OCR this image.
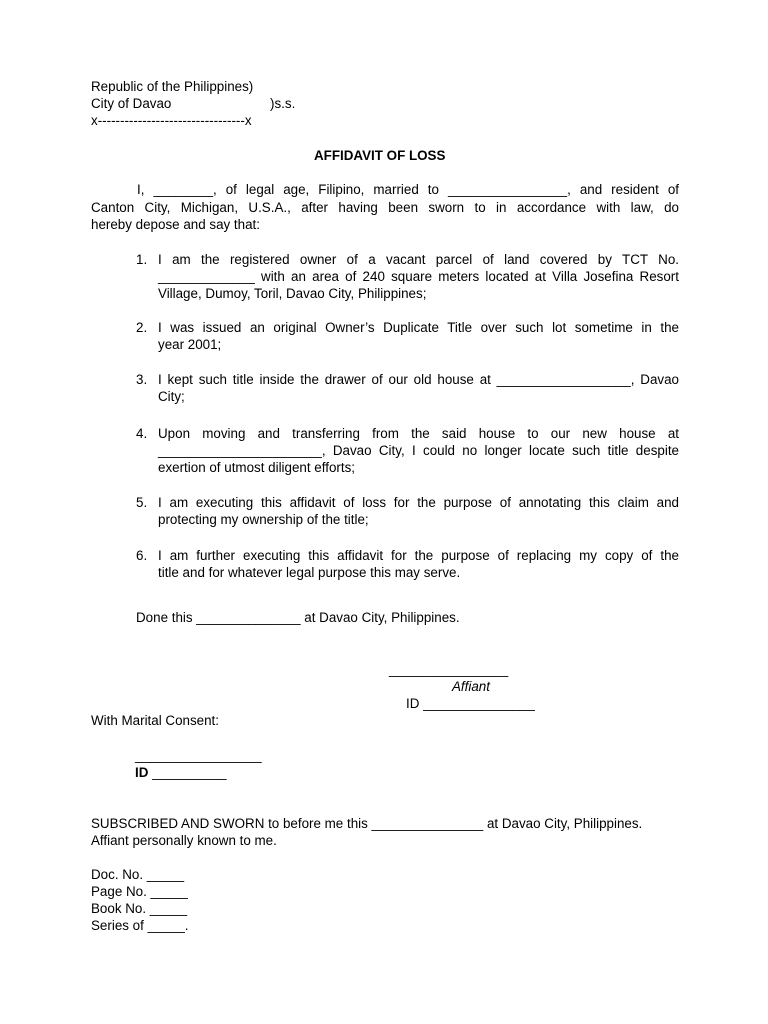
Republic of the Philippines)
City of Davao	)s.s.
x---------------------------------x
AFFIDAVIT OF LOSS
I, ________, of legal age, Filipino, married to ________________, and resident of
Canton City, Michigan, U.S.A., after having been sworn to in accordance with law, do
hereby depose and say that:
1. I am the registered owner of a vacant parcel of land covered by TCT No.
_____________ with an area of 240 square meters located at Villa Josefina Resort
Village, Dumoy, Toril, Davao City, Philippines;
2. I was issued an original Owner’s Duplicate Title over such lot sometime in the
year 2001;
3. I kept such title inside the drawer of our old house at __________________, Davao
City;
4. Upon moving and transferring from the said house to our new house at
______________________, Davao City, I could no longer locate such title despite
exertion of utmost diligent efforts;
5. I am executing this affidavit of loss for the purpose of annotating this claim and
protecting my ownership of the title;
6. I am further executing this affidavit for the purpose of replacing my copy of the
title and for whatever legal purpose this may serve.
Done this ______________ at Davao City, Philippines.
________________
Affiant
ID _______________
With Marital Consent:
_________________
ID __________
SUBSCRIBED AND SWORN to before me this _______________ at Davao City, Philippines.
Affiant personally known to me.
Doc. No. _____
Page No. _____
Book No. _____
Series of _____.
